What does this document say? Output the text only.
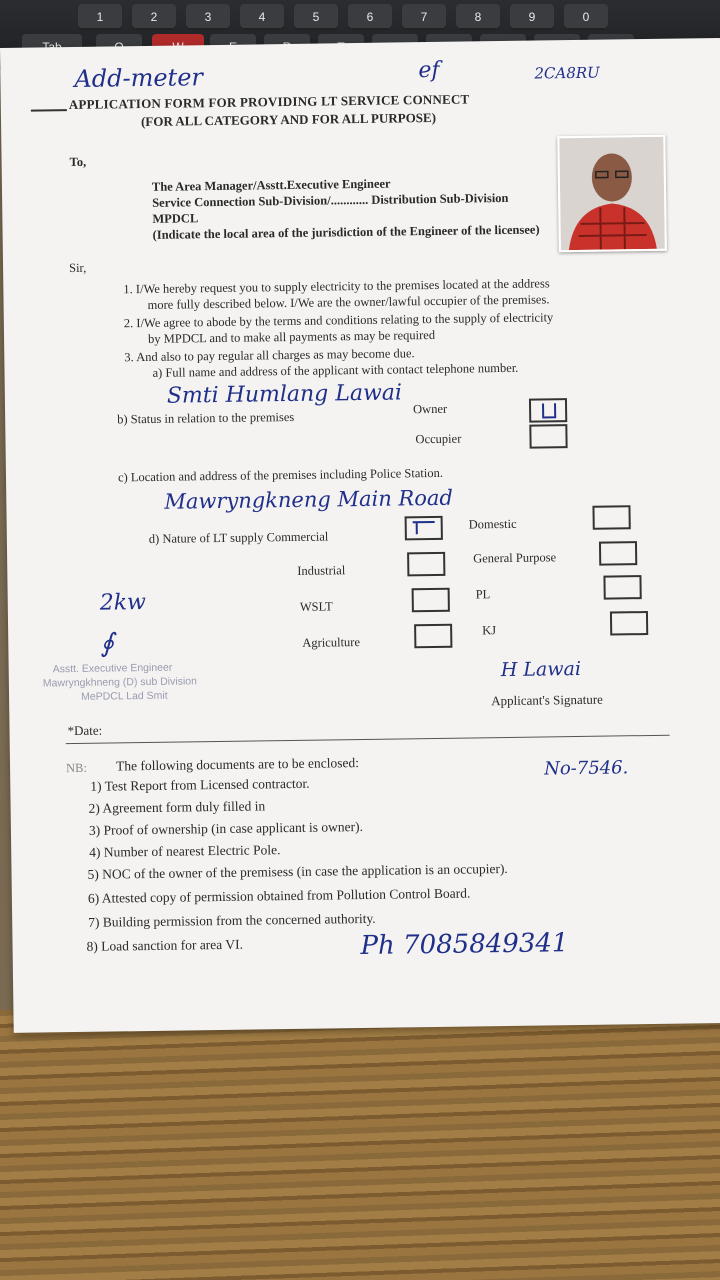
1	2	3	4	5	6	7	8	9	0
Add-meter	ef	2CA8RU
APPLICATION FORM FOR PROVIDING LT SERVICE CONNECT
(FOR ALL CATEGORY AND FOR ALL PURPOSE)
To,
The Area Manager/Asstt.Executive Engineer
Service Connection Sub-Division/............ Distribution Sub-Division
MPDCL
(Indicate the local area of the jurisdiction of the Engineer of the licensee)
Sir,
1. I/We hereby request you to supply electricity to the premises located at the address
more fully described below. I/We are the owner/lawful occupier of the premises.
2. I/We agree to abode by the terms and conditions relating to the supply of electricity
by MPDCL and to make all payments as may be required
3. And also to pay regular all charges as may become due.
a) Full name and address of the applicant with contact telephone number.
Smti Humlang Lawai
b) Status in relation to the premises
Owner
Occupier
c) Location and address of the premises including Police Station.
Mawryngkneng Main Road
d) Nature of LT supply Commercial
Domestic
Industrial
General Purpose
2kw	WSLT
PL
Agriculture
KJ
∮
Asstt. Executive Engineer
Mawryngkhneng (D) sub Division
MePDCL Lad Smit
H Lawai
Applicant's Signature
*Date:
NB: The following documents are to be enclosed:	No-7546.
1) Test Report from Licensed contractor.
2) Agreement form duly filled in
3) Proof of ownership (in case applicant is owner).
4) Number of nearest Electric Pole.
5) NOC of the owner of the premisess (in case the application is an occupier).
6) Attested copy of permission obtained from Pollution Control Board.
7) Building permission from the concerned authority.
8) Load sanction for area VI.	Ph 7085849341
